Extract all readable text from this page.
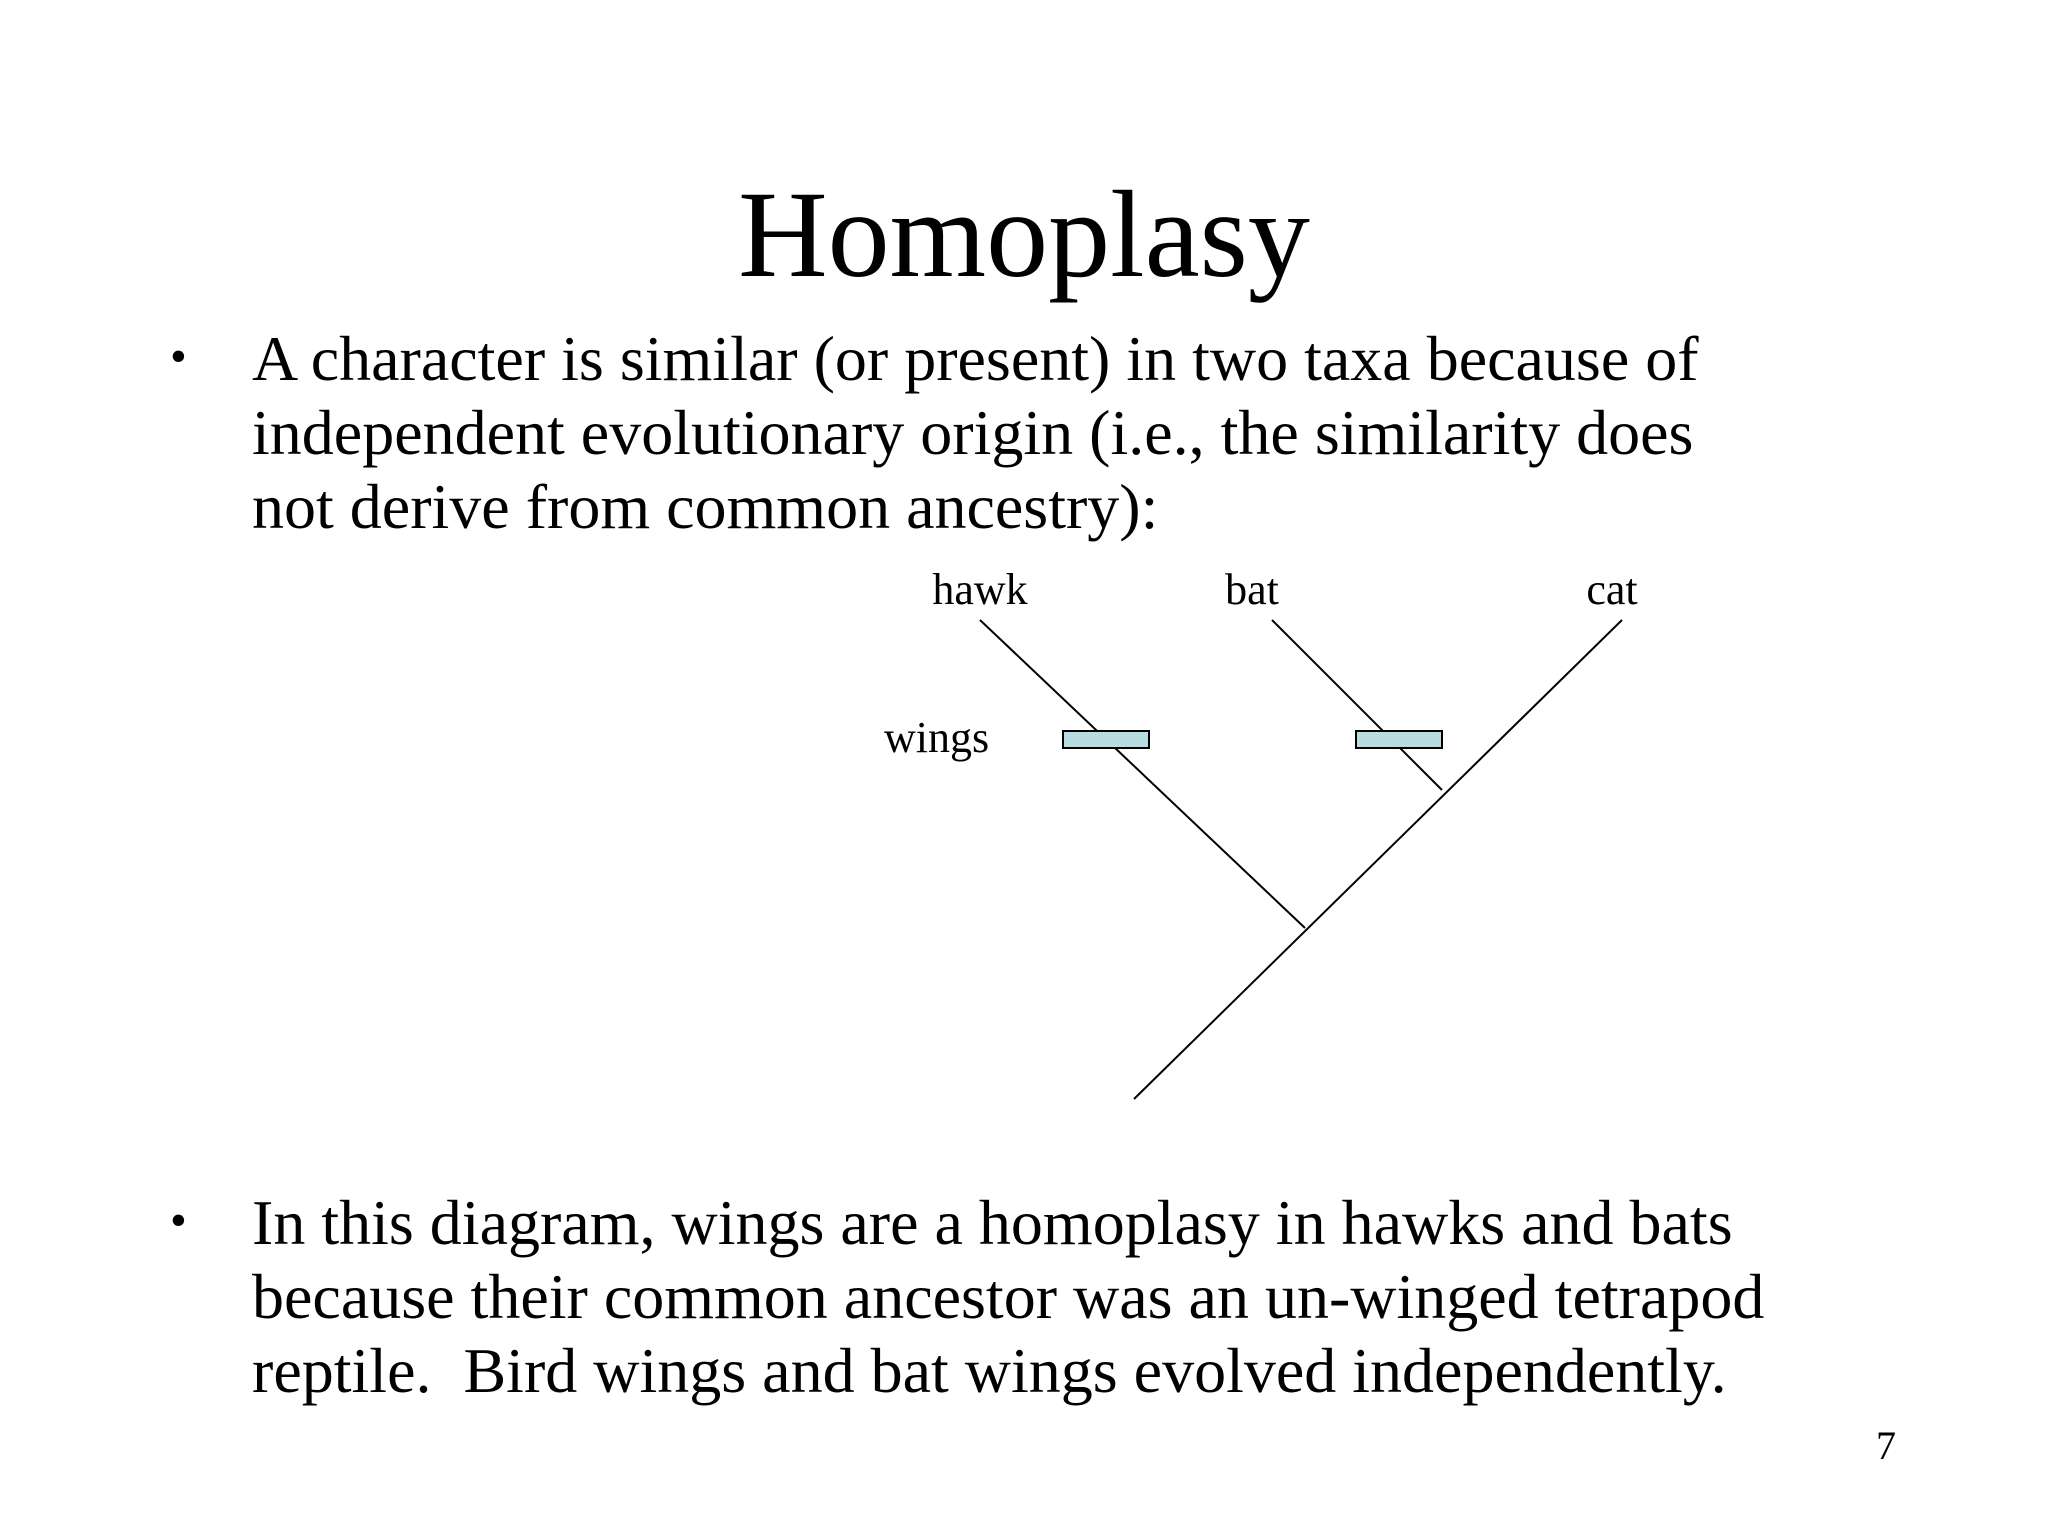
Homoplasy
• A character is similar (or present) in two taxa because of
independent evolutionary origin (i.e., the similarity does
not derive from common ancestry):
hawk	bat	cat
wings
• In this diagram, wings are a homoplasy in hawks and bats
because their common ancestor was an un-winged tetrapod
reptile.  Bird wings and bat wings evolved independently.
7
